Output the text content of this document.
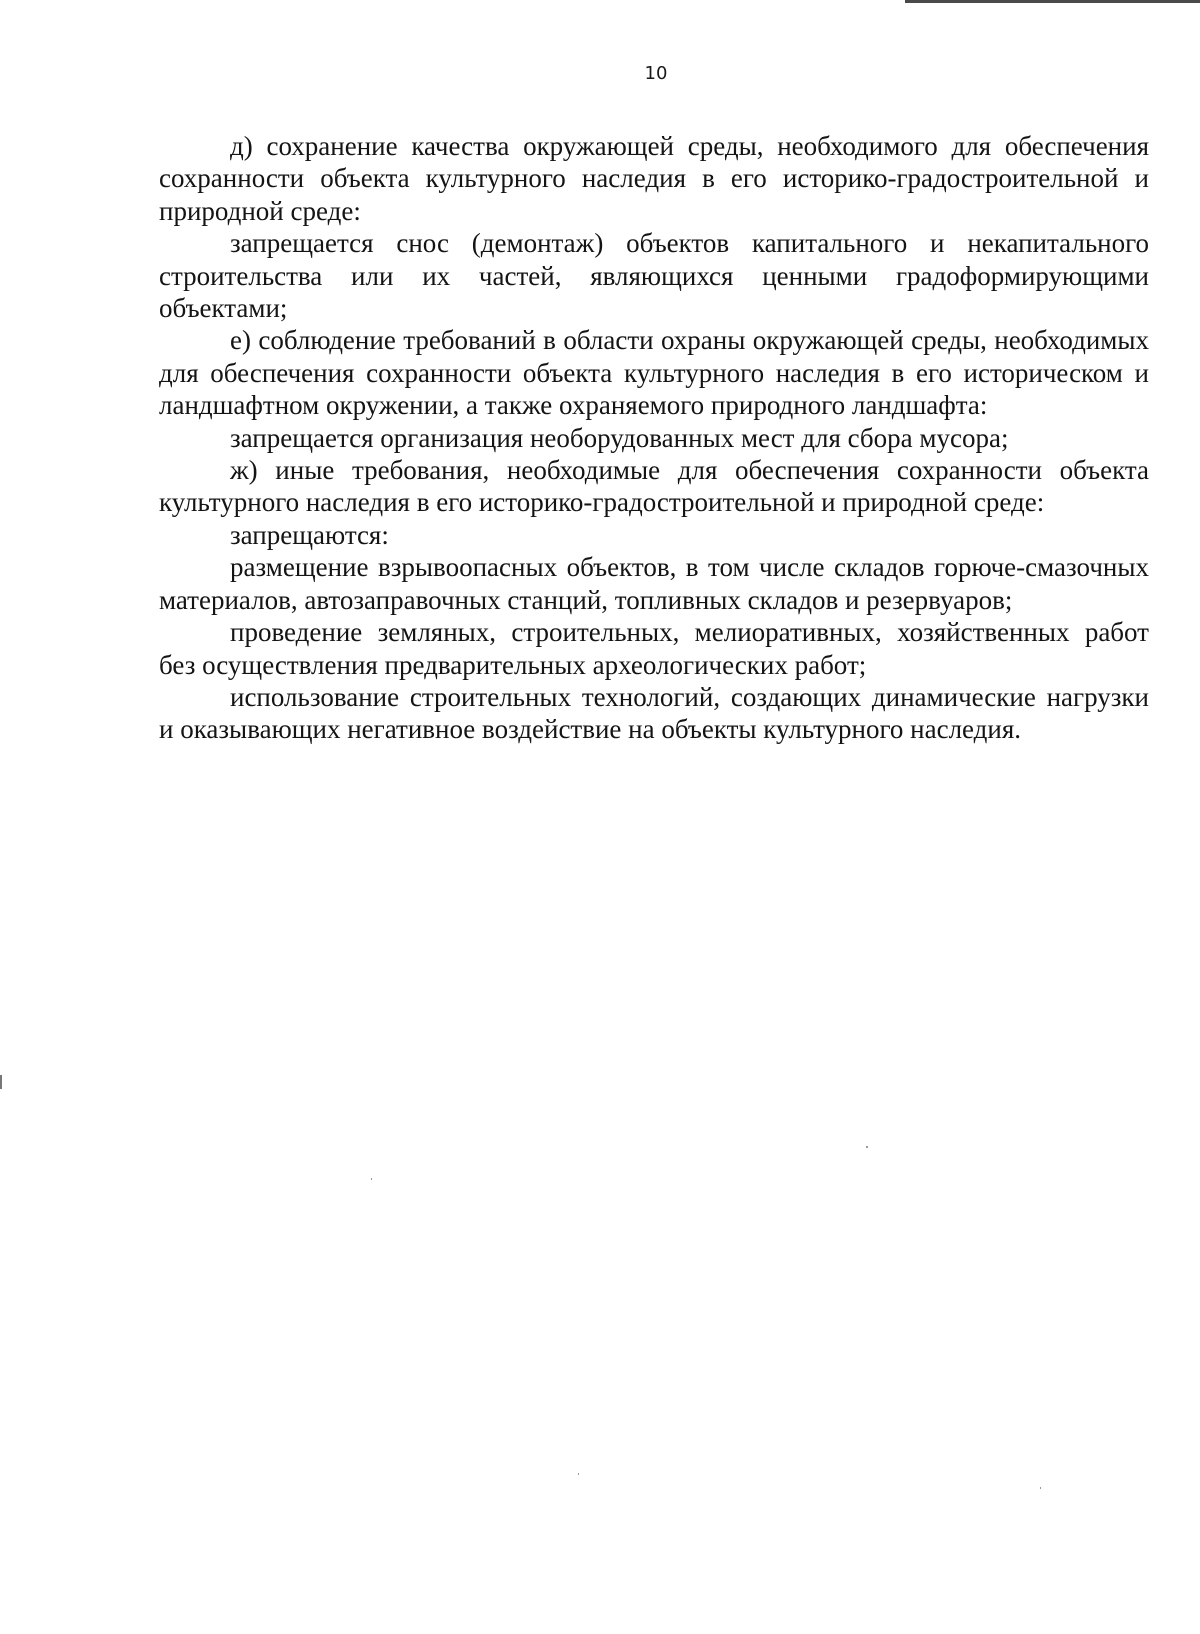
10

д) сохранение качества окружающей среды, необходимого для обеспечения сохранности объекта культурного наследия в его историко-градостроительной и природной среде:

запрещается снос (демонтаж) объектов капитального и некапитального строительства или их частей, являющихся ценными градоформирующими объектами;

е) соблюдение требований в области охраны окружающей среды, необходимых для обеспечения сохранности объекта культурного наследия в его историческом и ландшафтном окружении, а также охраняемого природного ландшафта:

запрещается организация необорудованных мест для сбора мусора;

ж) иные требования, необходимые для обеспечения сохранности объекта культурного наследия в его историко-градостроительной и природной среде:

запрещаются:

размещение взрывоопасных объектов, в том числе складов горюче-смазочных материалов, автозаправочных станций, топливных складов и резервуаров;

проведение земляных, строительных, мелиоративных, хозяйственных работ без осуществления предварительных археологических работ;

использование строительных технологий, создающих динамические нагрузки и оказывающих негативное воздействие на объекты культурного наследия.
